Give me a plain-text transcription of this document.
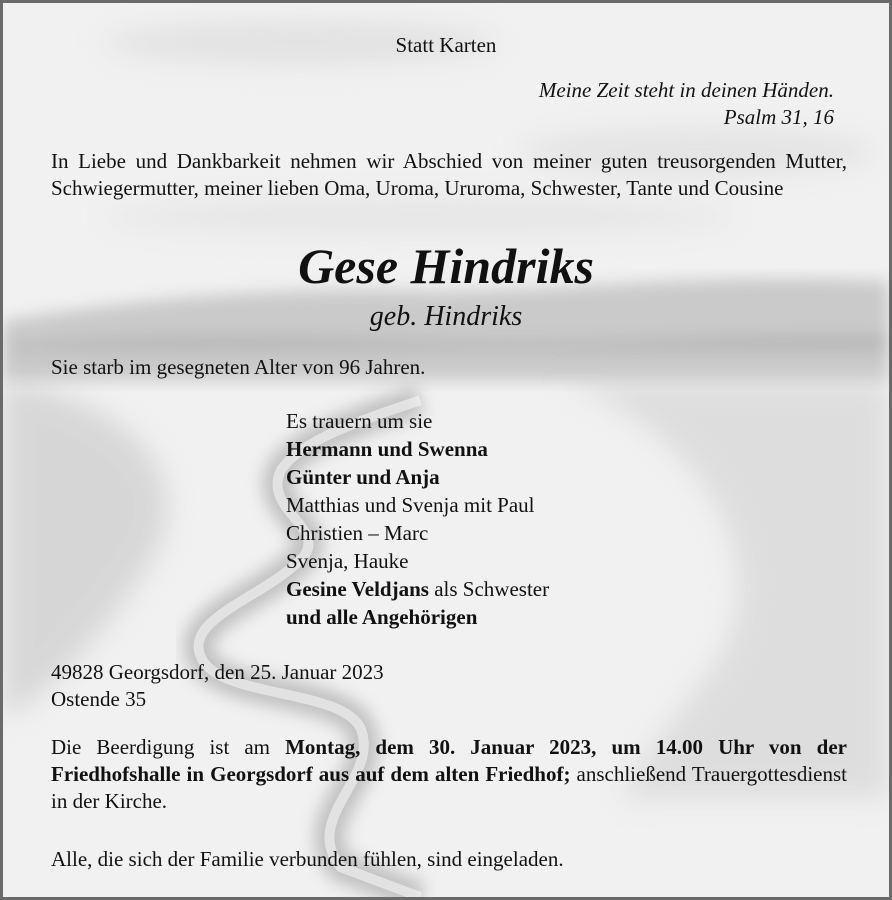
Statt Karten
Meine Zeit steht in deinen Händen.
Psalm 31, 16
In Liebe und Dankbarkeit nehmen wir Abschied von meiner guten treusorgenden Mutter, Schwiegermutter, meiner lieben Oma, Uroma, Ururoma, Schwester, Tante und Cousine
Gese Hindriks
geb. Hindriks
Sie starb im gesegneten Alter von 96 Jahren.
Es trauern um sie
Hermann und Swenna
Günter und Anja
Matthias und Svenja mit Paul
Christien – Marc
Svenja, Hauke
Gesine Veldjans als Schwester
und alle Angehörigen
49828 Georgsdorf, den 25. Januar 2023
Ostende 35
Die Beerdigung ist am Montag, dem 30. Januar 2023, um 14.00 Uhr von der Friedhofshalle in Georgsdorf aus auf dem alten Friedhof; anschließend Trauergottesdienst in der Kirche.
Alle, die sich der Familie verbunden fühlen, sind eingeladen.
